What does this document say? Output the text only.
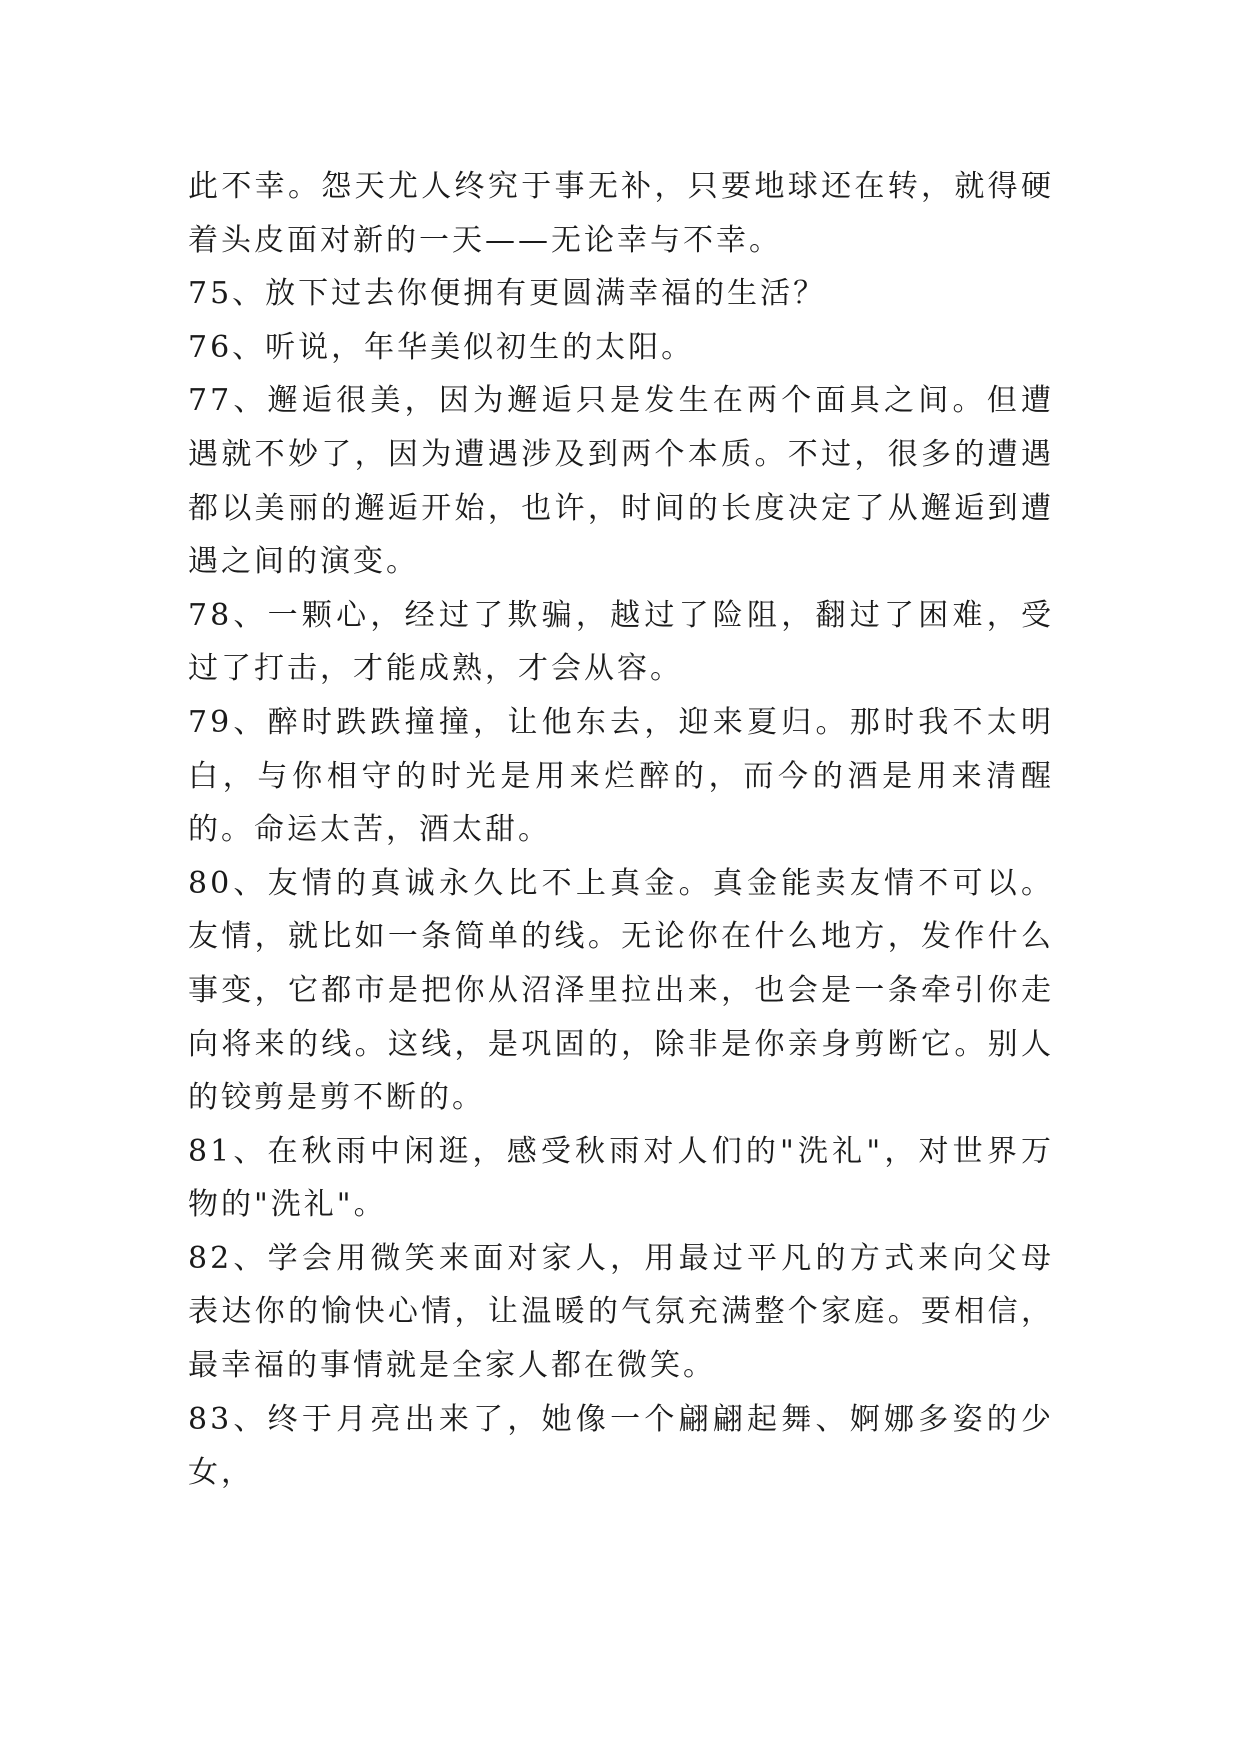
此不幸。怨天尤人终究于事无补，只要地球还在转，就得硬着头皮面对新的一天——无论幸与不幸。

75、放下过去你便拥有更圆满幸福的生活？

76、听说，年华美似初生的太阳。

77、邂逅很美，因为邂逅只是发生在两个面具之间。但遭遇就不妙了，因为遭遇涉及到两个本质。不过，很多的遭遇都以美丽的邂逅开始，也许，时间的长度决定了从邂逅到遭遇之间的演变。

78、一颗心，经过了欺骗，越过了险阻，翻过了困难，受过了打击，才能成熟，才会从容。

79、醉时跌跌撞撞，让他东去，迎来夏归。那时我不太明白，与你相守的时光是用来烂醉的，而今的酒是用来清醒的。命运太苦，酒太甜。

80、友情的真诚永久比不上真金。真金能卖友情不可以。友情，就比如一条简单的线。无论你在什么地方，发作什么事变，它都市是把你从沼泽里拉出来，也会是一条牵引你走向将来的线。这线，是巩固的，除非是你亲身剪断它。别人的铰剪是剪不断的。

81、在秋雨中闲逛，感受秋雨对人们的"洗礼"，对世界万物的"洗礼"。

82、学会用微笑来面对家人，用最过平凡的方式来向父母表达你的愉快心情，让温暖的气氛充满整个家庭。要相信，最幸福的事情就是全家人都在微笑。

83、终于月亮出来了，她像一个翩翩起舞、婀娜多姿的少女，
